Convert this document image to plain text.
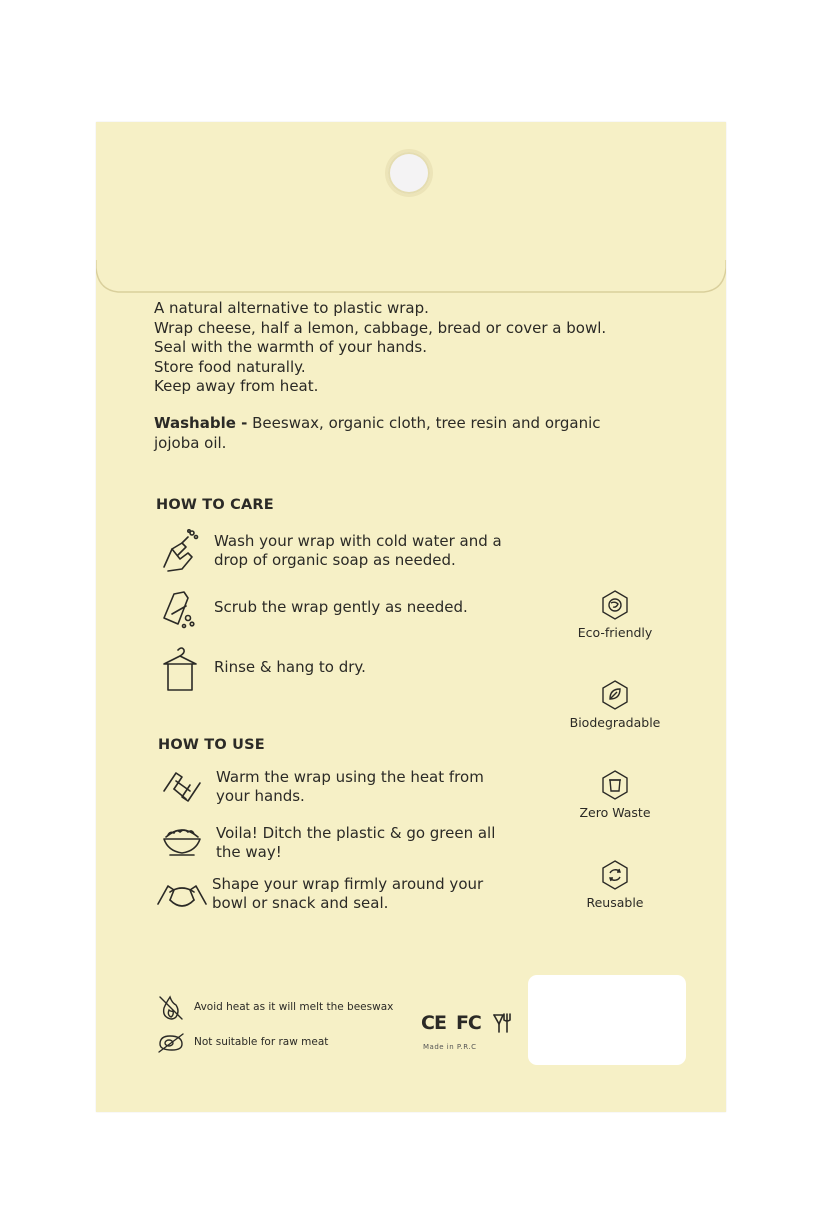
A natural alternative to plastic wrap.

Wrap cheese, half a lemon, cabbage, bread or cover a bowl.

Seal with the warmth of your hands.

Store food naturally.

Keep away from heat.

Washable - Beeswax, organic cloth, tree resin and organic jojoba oil.
HOW TO CARE
Wash your wrap with cold water and a drop of organic soap as needed.
Scrub the wrap gently as needed.
Rinse & hang to dry.
HOW TO USE
Warm the wrap using the heat from your hands.
Voila! Ditch the plastic & go green all the way!
Shape your wrap firmly around your bowl or snack and seal.
Eco-friendly
Biodegradable
Zero Waste
Reusable
Avoid heat as it will melt the beeswax
Not suitable for raw meat
CE FC
Made in P.R.C
